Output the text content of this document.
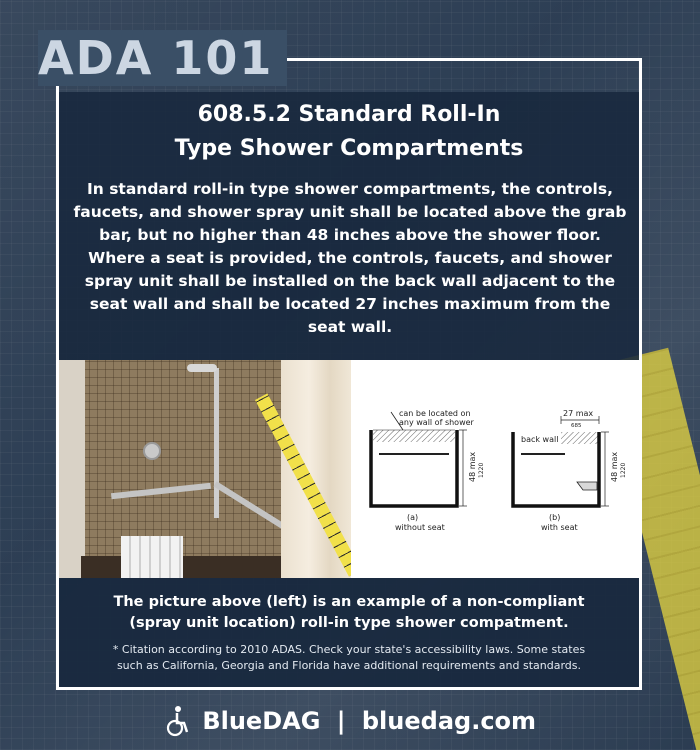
ADA 101
608.5.2 Standard Roll-In
Type Shower Compartments
In standard roll-in type shower compartments, the controls, faucets, and shower spray unit shall be located above the grab bar, but no higher than 48 inches above the shower floor. Where a seat is provided, the controls, faucets, and shower spray unit shall be installed on the back wall adjacent to the seat wall and shall be located 27 inches maximum from the seat wall.
can be located on
any wall of shower
48 max 1220
(a)
without seat
27 max
685
back wall
48 max 1220
(b)
with seat
The picture above (left) is an example of a non-compliant
(spray unit location) roll-in type shower compatment.
* Citation according to 2010 ADAS. Check your state's accessibility laws. Some states
such as California, Georgia and Florida have additional requirements and standards.
BlueDAG | bluedag.com
